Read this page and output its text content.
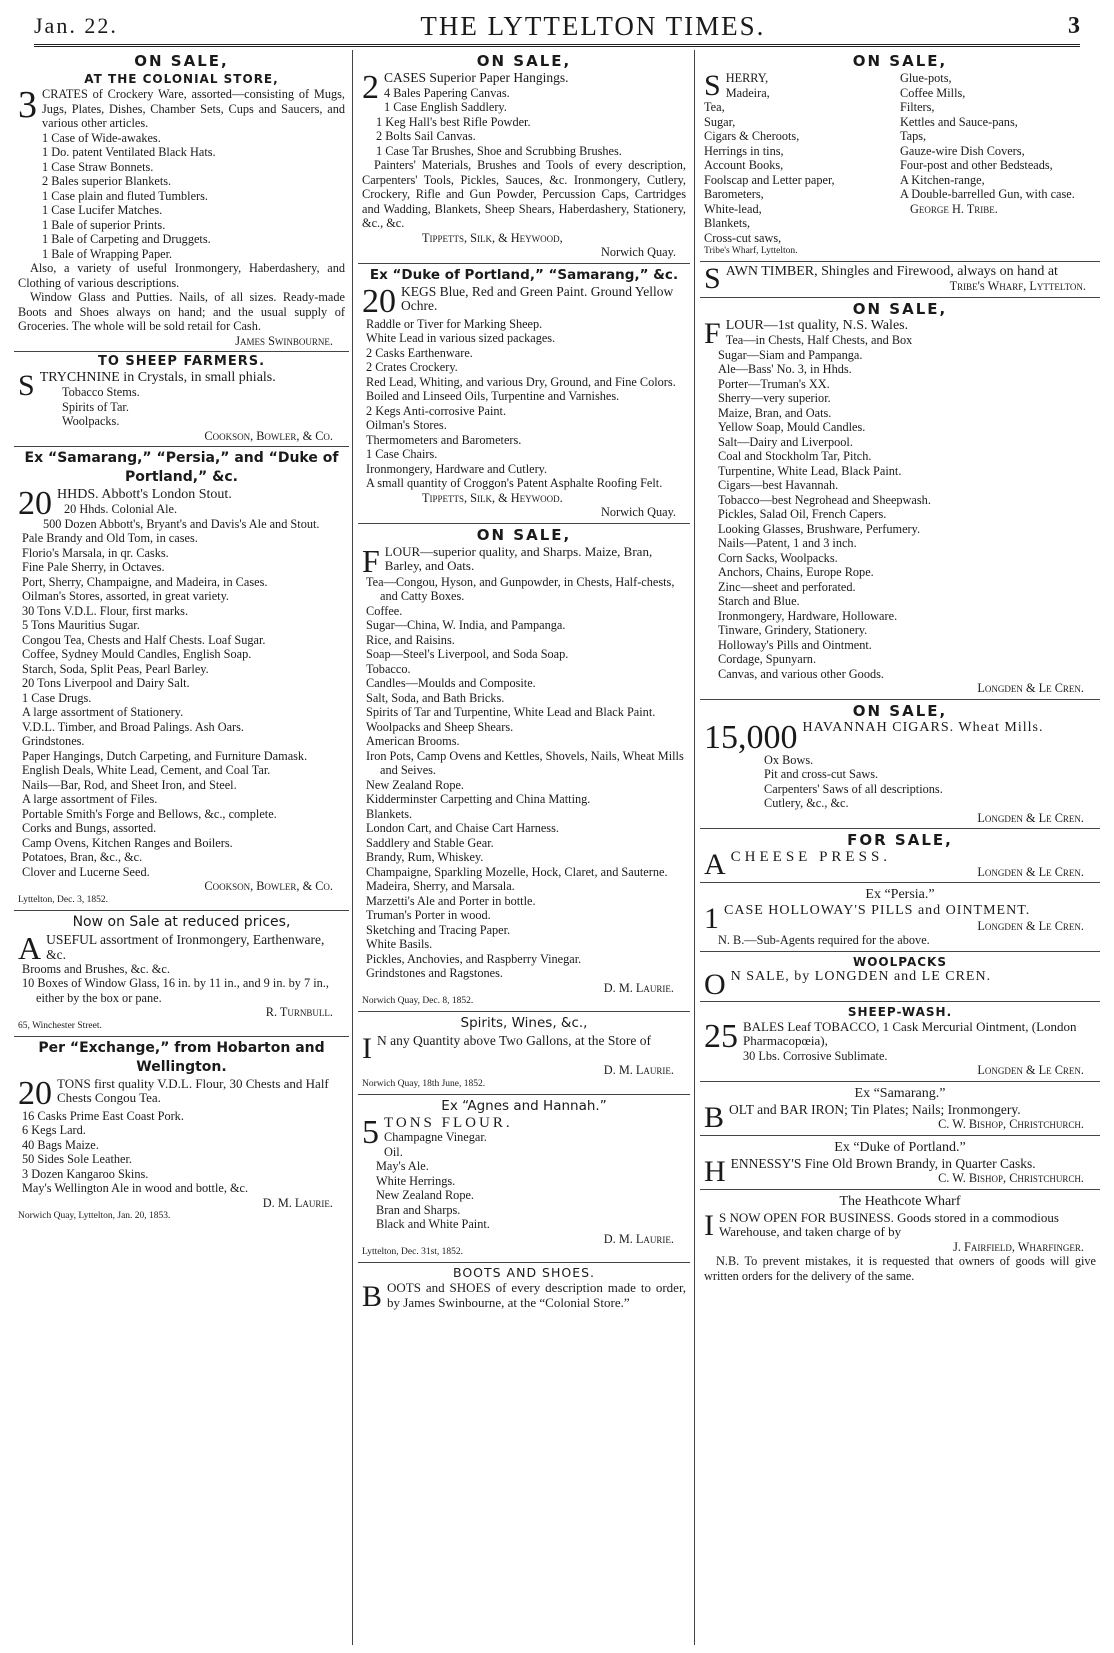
Jan. 22.	THE LYTTELTON TIMES.	3
ON SALE,
AT THE COLONIAL STORE,
3 CRATES of Crockery Ware, assorted—consisting of Mugs, Jugs, Plates, Dishes, Chamber Sets, Cups and Saucers, and various other articles.

1 Case of Wide-awakes.
1 Do. patent Ventilated Black Hats.
1 Case Straw Bonnets.
2 Bales superior Blankets.
1 Case plain and fluted Tumblers.
1 Case Lucifer Matches.
1 Bale of superior Prints.
1 Bale of Carpeting and Druggets.
1 Bale of Wrapping Paper.

Also, a variety of useful Ironmongery, Haberdashery, and Clothing of various descriptions.

Window Glass and Putties. Nails, of all sizes. Ready-made Boots and Shoes always on hand; and the usual supply of Groceries. The whole will be sold retail for Cash.

James Swinbourne.
TO SHEEP FARMERS.
S TRYCHNINE in Crystals, in small phials.

Tobacco Stems.
Spirits of Tar.
Woolpacks.
Cookson, Bowler, & Co.
Ex “Samarang,” “Persia,” and “Duke of Portland,” &c.
20 HHDS. Abbott's London Stout.

20 Hhds. Colonial Ale.
500 Dozen Abbott's, Bryant's and Davis's Ale and Stout.
Pale Brandy and Old Tom, in cases.
Florio's Marsala, in qr. Casks.
Fine Pale Sherry, in Octaves.
Port, Sherry, Champaigne, and Madeira, in Cases.
Oilman's Stores, assorted, in great variety.
30 Tons V.D.L. Flour, first marks.
5 Tons Mauritius Sugar.
Congou Tea, Chests and Half Chests. Loaf Sugar.
Coffee, Sydney Mould Candles, English Soap.
Starch, Soda, Split Peas, Pearl Barley.
20 Tons Liverpool and Dairy Salt.
1 Case Drugs.
A large assortment of Stationery.
V.D.L. Timber, and Broad Palings. Ash Oars.
Grindstones.
Paper Hangings, Dutch Carpeting, and Furniture Damask.
English Deals, White Lead, Cement, and Coal Tar.
Nails—Bar, Rod, and Sheet Iron, and Steel.
A large assortment of Files.
Portable Smith's Forge and Bellows, &c., complete.
Corks and Bungs, assorted.
Camp Ovens, Kitchen Ranges and Boilers.
Potatoes, Bran, &c., &c.
Clover and Lucerne Seed.
Cookson, Bowler, & Co.
Lyttelton, Dec. 3, 1852.
Now on Sale at reduced prices,
A USEFUL assortment of Ironmongery, Earthenware, &c.

Brooms and Brushes, &c. &c.
10 Boxes of Window Glass, 16 in. by 11 in., and 9 in. by 7 in., either by the box or pane.
R. Turnbull.
65, Winchester Street.
Per “Exchange,” from Hobarton and Wellington.
20 TONS first quality V.D.L. Flour, 30 Chests and Half Chests Congou Tea.

16 Casks Prime East Coast Pork.
6 Kegs Lard.
40 Bags Maize.
50 Sides Sole Leather.
3 Dozen Kangaroo Skins.
May's Wellington Ale in wood and bottle, &c.
D. M. Laurie.
Norwich Quay, Lyttelton, Jan. 20, 1853.
ON SALE,
2 CASES Superior Paper Hangings.

4 Bales Papering Canvas.
1 Case English Saddlery.
1 Keg Hall's best Rifle Powder.
2 Bolts Sail Canvas.
1 Case Tar Brushes, Shoe and Scrubbing Brushes.

Painters' Materials, Brushes and Tools of every description, Carpenters' Tools, Pickles, Sauces, &c. Ironmongery, Cutlery, Crockery, Rifle and Gun Powder, Percussion Caps, Cartridges and Wadding, Blankets, Sheep Shears, Haberdashery, Stationery, &c., &c.

Tippetts, Silk, & Heywood,
Norwich Quay.
Ex “Duke of Portland,” “Samarang,” &c.
20 KEGS Blue, Red and Green Paint. Ground Yellow Ochre.

Raddle or Tiver for Marking Sheep.
White Lead in various sized packages.
2 Casks Earthenware.
2 Crates Crockery.
Red Lead, Whiting, and various Dry, Ground, and Fine Colors.
Boiled and Linseed Oils, Turpentine and Varnishes.
2 Kegs Anti-corrosive Paint.
Oilman's Stores.
Thermometers and Barometers.
1 Case Chairs.
Ironmongery, Hardware and Cutlery.
A small quantity of Croggon's Patent Asphalte Roofing Felt.
Tippetts, Silk, & Heywood.
Norwich Quay.
ON SALE,
F LOUR—superior quality, and Sharps. Maize, Bran, Barley, and Oats.

Tea—Congou, Hyson, and Gunpowder, in Chests, Half-chests, and Catty Boxes.
Coffee.
Sugar—China, W. India, and Pampanga.
Rice, and Raisins.
Soap—Steel's Liverpool, and Soda Soap.
Tobacco.
Candles—Moulds and Composite.
Salt, Soda, and Bath Bricks.
Spirits of Tar and Turpentine, White Lead and Black Paint.
Woolpacks and Sheep Shears.
American Brooms.
Iron Pots, Camp Ovens and Kettles, Shovels, Nails, Wheat Mills and Seives.
New Zealand Rope.
Kidderminster Carpetting and China Matting.
Blankets.
London Cart, and Chaise Cart Harness.
Saddlery and Stable Gear.
Brandy, Rum, Whiskey.
Champaigne, Sparkling Mozelle, Hock, Claret, and Sauterne.
Madeira, Sherry, and Marsala.
Marzetti's Ale and Porter in bottle.
Truman's Porter in wood.
Sketching and Tracing Paper.
White Basils.
Pickles, Anchovies, and Raspberry Vinegar.
Grindstones and Ragstones.
D. M. Laurie.
Norwich Quay, Dec. 8, 1852.
Spirits, Wines, &c.,
I N any Quantity above Two Gallons, at the Store of

D. M. Laurie.
Norwich Quay, 18th June, 1852.
Ex “Agnes and Hannah.”
5 TONS FLOUR.

Champagne Vinegar.
Oil.
May's Ale.
White Herrings.
New Zealand Rope.
Bran and Sharps.
Black and White Paint.
D. M. Laurie.
Lyttelton, Dec. 31st, 1852.
BOOTS AND SHOES.
B OOTS and SHOES of every description made to order, by James Swinbourne, at the “Colonial Store.”

ON SALE,
S HERRY,
Madeira,
Tea,
Sugar,
Cigars & Cheroots,
Herrings in tins,
Account Books,
Foolscap and Letter paper,
Barometers,
White-lead,
Blankets,
Cross-cut saws,
Glue-pots,
Coffee Mills,
Filters,
Kettles and Sauce-pans,
Taps,
Gauze-wire Dish Covers,
Four-post and other Bedsteads,
A Kitchen-range,
A Double-barrelled Gun, with case.
George H. Tribe.
Tribe's Wharf, Lyttelton.
S AWN TIMBER, Shingles and Firewood, always on hand at

Tribe's Wharf, Lyttelton.
ON SALE,
F LOUR—1st quality, N.S. Wales.

Tea—in Chests, Half Chests, and Box
Sugar—Siam and Pampanga.
Ale—Bass' No. 3, in Hhds.
Porter—Truman's XX.
Sherry—very superior.
Maize, Bran, and Oats.
Yellow Soap, Mould Candles.
Salt—Dairy and Liverpool.
Coal and Stockholm Tar, Pitch.
Turpentine, White Lead, Black Paint.
Cigars—best Havannah.
Tobacco—best Negrohead and Sheepwash.
Pickles, Salad Oil, French Capers.
Looking Glasses, Brushware, Perfumery.
Nails—Patent, 1 and 3 inch.
Corn Sacks, Woolpacks.
Anchors, Chains, Europe Rope.
Zinc—sheet and perforated.
Starch and Blue.
Ironmongery, Hardware, Holloware.
Tinware, Grindery, Stationery.
Holloway's Pills and Ointment.
Cordage, Spunyarn.
Canvas, and various other Goods.
Longden & Le Cren.
ON SALE,
15,000 HAVANNAH CIGARS. Wheat Mills.

Ox Bows.
Pit and cross-cut Saws.
Carpenters' Saws of all descriptions.
Cutlery, &c., &c.
Longden & Le Cren.
FOR SALE,
A CHEESE PRESS.

Longden & Le Cren.
Ex “Persia.”
1 CASE HOLLOWAY'S PILLS and OINTMENT.

Longden & Le Cren.
N. B.—Sub-Agents required for the above.
WOOLPACKS
O N SALE, by LONGDEN and LE CREN.

SHEEP-WASH.
25 BALES Leaf TOBACCO, 1 Cask Mercurial Ointment, (London Pharmacopœia),

30 Lbs. Corrosive Sublimate.
Longden & Le Cren.
Ex “Samarang.”
B OLT and BAR IRON; Tin Plates; Nails; Ironmongery.

C. W. Bishop, Christchurch.
Ex “Duke of Portland.”
H ENNESSY'S Fine Old Brown Brandy, in Quarter Casks.

C. W. Bishop, Christchurch.
The Heathcote Wharf
I S NOW OPEN FOR BUSINESS. Goods stored in a commodious Warehouse, and taken charge of by

J. Fairfield, Wharfinger.

N.B. To prevent mistakes, it is requested that owners of goods will give written orders for the delivery of the same.
